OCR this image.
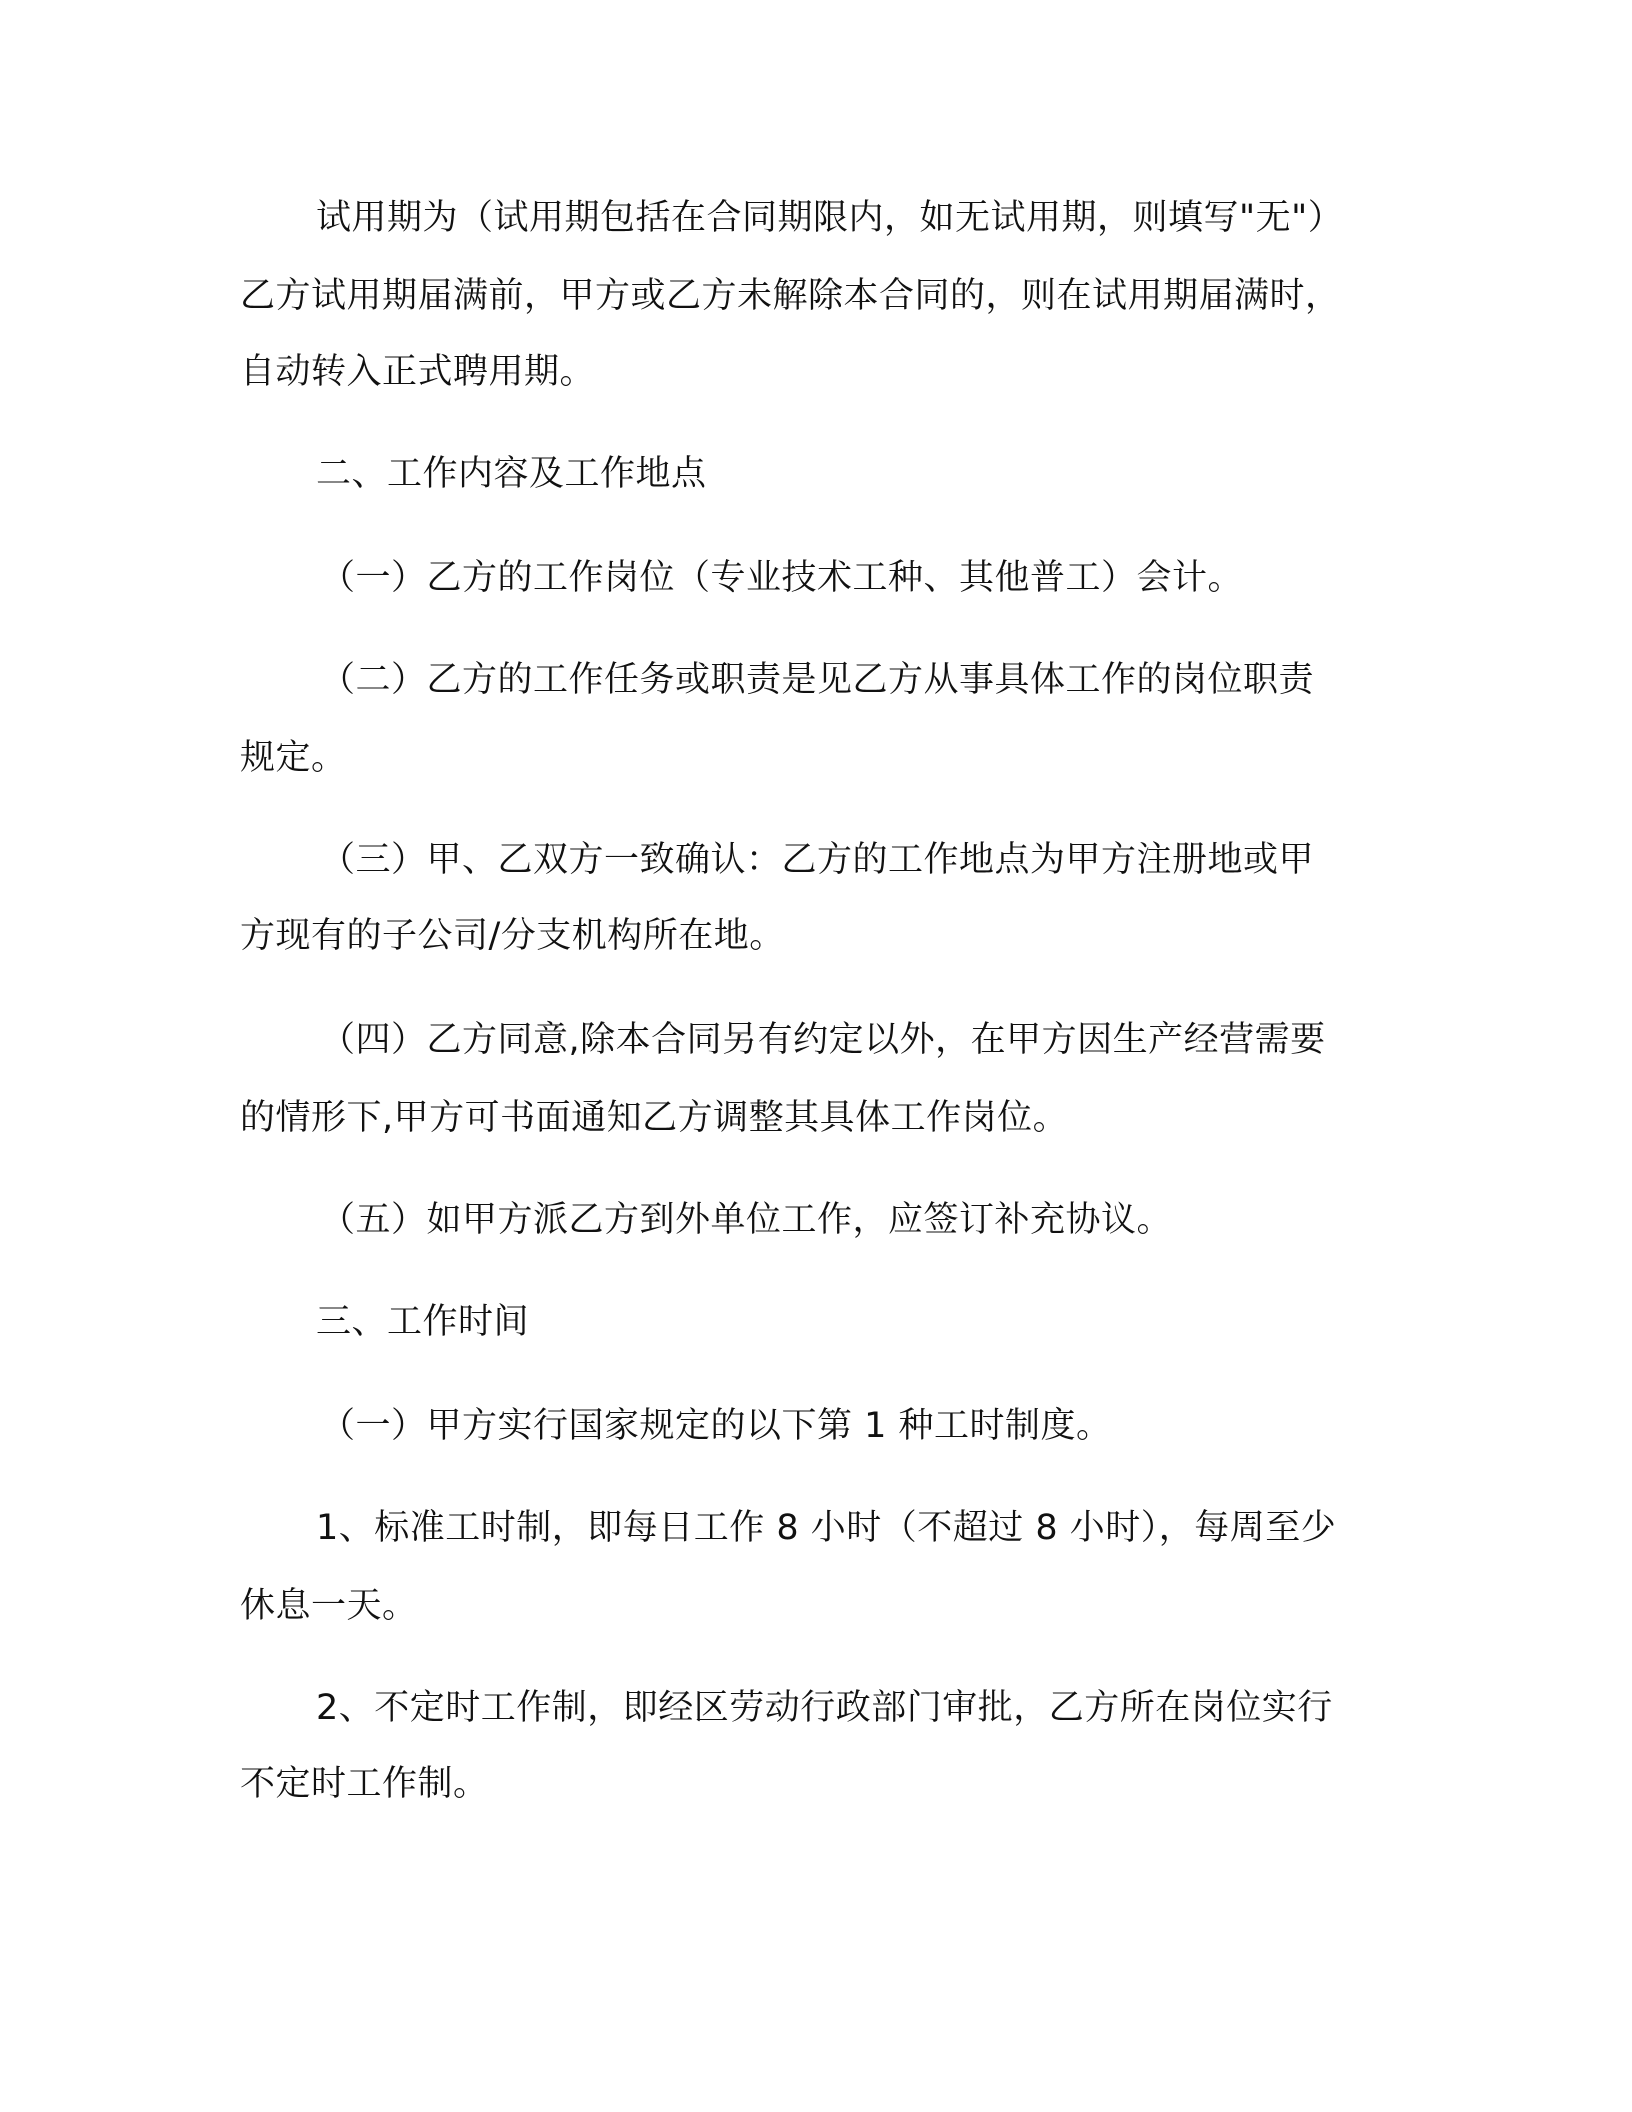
试用期为（试用期包括在合同期限内，如无试用期，则填写"无"）
乙方试用期届满前，甲方或乙方未解除本合同的，则在试用期届满时，
自动转入正式聘用期。
二、工作内容及工作地点
（一）乙方的工作岗位（专业技术工种、其他普工）会计。
（二）乙方的工作任务或职责是见乙方从事具体工作的岗位职责
规定。
（三）甲、乙双方一致确认：乙方的工作地点为甲方注册地或甲
方现有的子公司/分支机构所在地。
（四）乙方同意,除本合同另有约定以外，在甲方因生产经营需要
的情形下,甲方可书面通知乙方调整其具体工作岗位。
（五）如甲方派乙方到外单位工作，应签订补充协议。
三、工作时间
（一）甲方实行国家规定的以下第 1 种工时制度。
1、标准工时制，即每日工作 8 小时（不超过 8 小时），每周至少
休息一天。
2、不定时工作制，即经区劳动行政部门审批，乙方所在岗位实行
不定时工作制。
